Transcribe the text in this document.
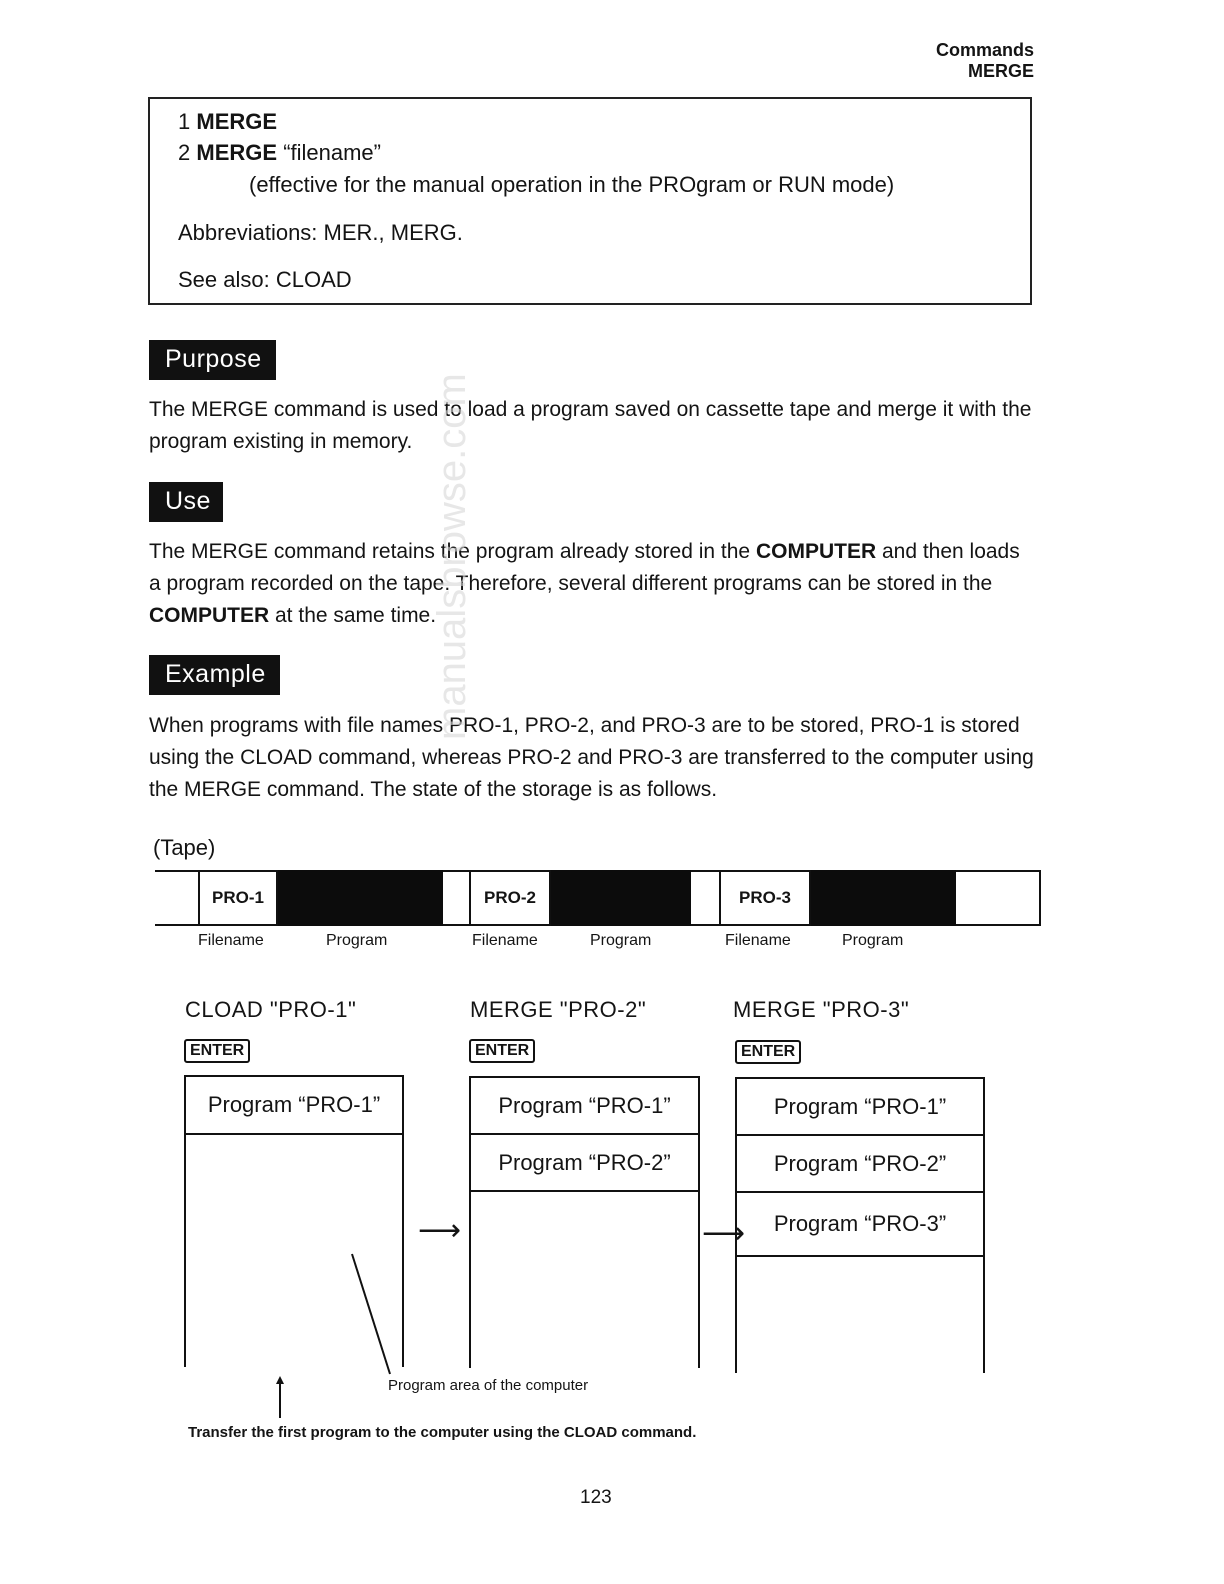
Commands
MERGE
1 MERGE
2 MERGE “filename”
(effective for the manual operation in the PROgram or RUN mode)
Abbreviations: MER., MERG.
See also: CLOAD
Purpose
The MERGE command is used to load a program saved on cassette tape and merge it with the program existing in memory.
Use
The MERGE command retains the program already stored in the COMPUTER and then loads a program recorded on the tape. Therefore, several different programs can be stored in the COMPUTER at the same time.
Example
When programs with file names PRO-1, PRO-2, and PRO-3 are to be stored, PRO-1 is stored using the CLOAD command, whereas PRO-2 and PRO-3 are transferred to the computer using the MERGE command. The state of the storage is as follows.
manualsbrowse.com
(Tape)
PRO-1	PRO-2	PRO-3
Filename	Program	Filename	Program	Filename	Program
CLOAD "PRO-1"	MERGE "PRO-2"	MERGE "PRO-3"
ENTER	ENTER	ENTER
Program “PRO-1”
⟶
Program “PRO-1”
Program “PRO-2”
⟶
Program “PRO-1”
Program “PRO-2”
Program “PRO-3”
Program area of the computer
Transfer the first program to the computer using the CLOAD command.
123
